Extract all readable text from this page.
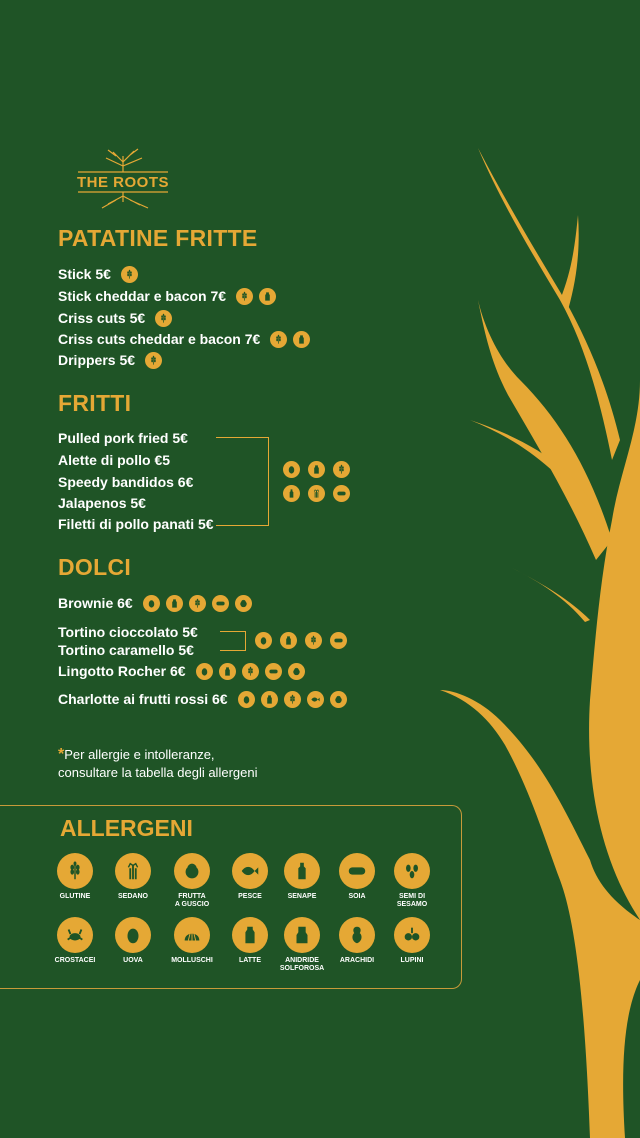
THE ROOTS
PATATINE FRITTE
Stick 5€
Stick cheddar e bacon 7€
Criss cuts 5€
Criss cuts cheddar e bacon 7€
Drippers 5€
FRITTI
Pulled pork fried 5€
Alette di pollo €5
Speedy bandidos 6€
Jalapenos 5€
Filetti di pollo panati 5€
DOLCI
Brownie 6€
Tortino cioccolato 5€
Tortino caramello 5€
Lingotto Rocher 6€
Charlotte ai frutti rossi 6€
*Per allergie e intolleranze,
consultare la tabella degli allergeni
ALLERGENI
GLUTINE	SEDANO	FRUTTA
A GUSCIO
PESCE	SENAPE	SOIA	SEMI DI
SESAMO
CROSTACEI	UOVA	MOLLUSCHI	LATTE	ANIDRIDE
SOLFOROSA
ARACHIDI	LUPINI
